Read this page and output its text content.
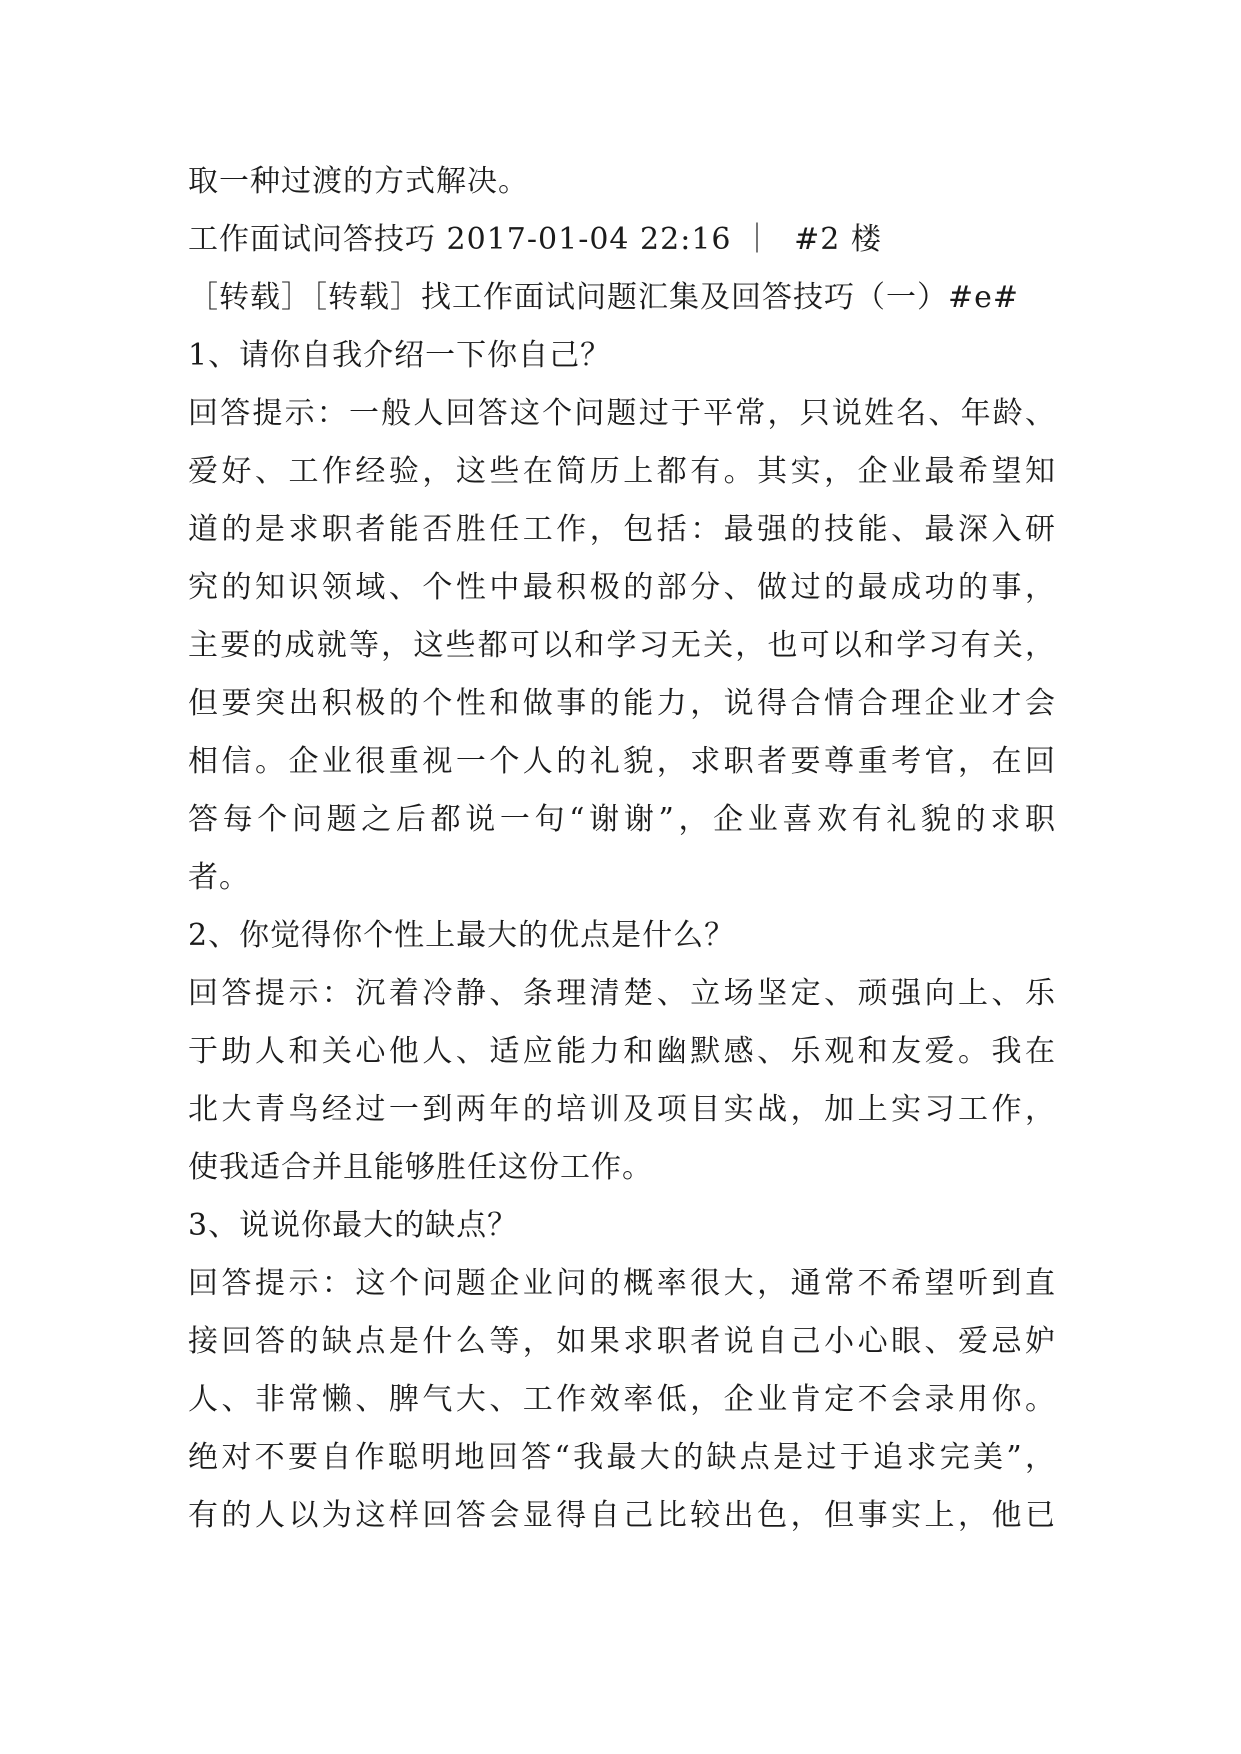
取一种过渡的方式解决。
工作面试问答技巧 2017-01-04 22:16 ｜  #2 楼
［转载］［转载］找工作面试问题汇集及回答技巧（一）#e#
1、请你自我介绍一下你自己？
回答提示：一般人回答这个问题过于平常，只说姓名、年龄、
爱好、工作经验，这些在简历上都有。其实，企业最希望知
道的是求职者能否胜任工作，包括：最强的技能、最深入研
究的知识领域、个性中最积极的部分、做过的最成功的事，
主要的成就等，这些都可以和学习无关，也可以和学习有关，
但要突出积极的个性和做事的能力，说得合情合理企业才会
相信。企业很重视一个人的礼貌，求职者要尊重考官，在回
答每个问题之后都说一句“谢谢”，企业喜欢有礼貌的求职
者。
2、你觉得你个性上最大的优点是什么？
回答提示：沉着冷静、条理清楚、立场坚定、顽强向上、乐
于助人和关心他人、适应能力和幽默感、乐观和友爱。我在
北大青鸟经过一到两年的培训及项目实战，加上实习工作，
使我适合并且能够胜任这份工作。
3、说说你最大的缺点？
回答提示：这个问题企业问的概率很大，通常不希望听到直
接回答的缺点是什么等，如果求职者说自己小心眼、爱忌妒
人、非常懒、脾气大、工作效率低，企业肯定不会录用你。
绝对不要自作聪明地回答“我最大的缺点是过于追求完美”，
有的人以为这样回答会显得自己比较出色，但事实上，他已
